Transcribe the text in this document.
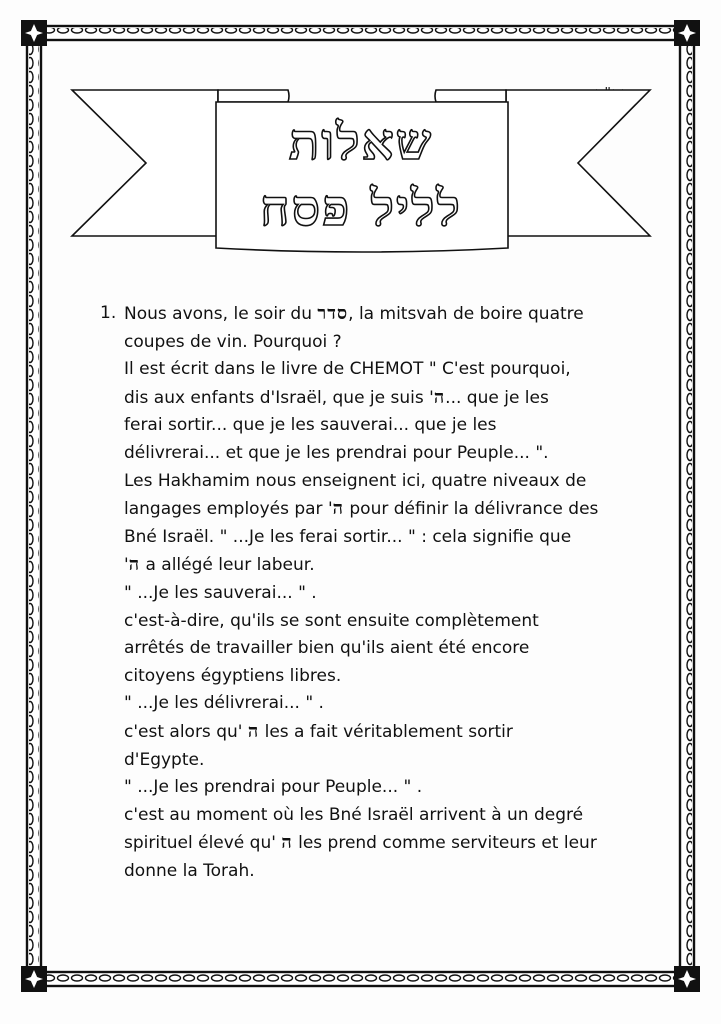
שאלות
לליל פסח
1. Nous avons, le soir du סדר, la mitsvah de boire quatre
coupes de vin. Pourquoi ?
Il est écrit dans le livre de CHEMOT " C'est pourquoi,
dis aux enfants d'Israël, que je suis 'ה... que je les
ferai sortir... que je les sauverai... que je les
délivrerai... et que je les prendrai pour Peuple... ".
Les Hakhamim nous enseignent ici, quatre niveaux de
langages employés par 'ה pour définir la délivrance des
Bné Israël. " ...Je les ferai sortir... " : cela signifie que
'ה a allégé leur labeur.
" ...Je les sauverai... " .
c'est-à-dire, qu'ils se sont ensuite complètement
arrêtés de travailler bien qu'ils aient été encore
citoyens égyptiens libres.
" ...Je les délivrerai... " .
c'est alors qu' ה les a fait véritablement sortir
d'Egypte.
" ...Je les prendrai pour Peuple... " .
c'est au moment où les Bné Israël arrivent à un degré
spirituel élevé qu' ה les prend comme serviteurs et leur
donne la Torah.
